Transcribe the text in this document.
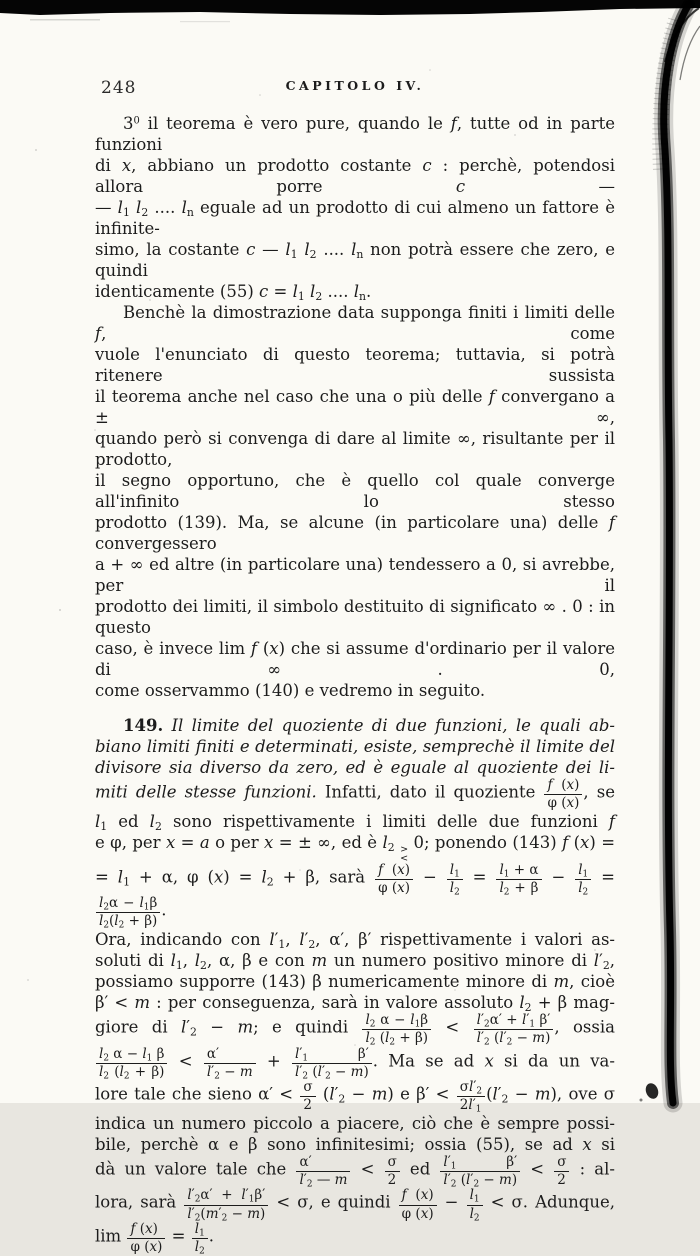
248	CAPITOLO IV.
$3^0$ il teorema è vero pure, quando le f, tutte od in parte funzioni
di x, abbiano un prodotto costante c : perchè, potendosi allora porre c —
— $l_1$ $l_2$ .... $l_n$ eguale ad un prodotto di cui almeno un fattore è infinite-
simo, la costante c — $l_1$ $l_2$ .... $l_n$ non potrà essere che zero, e quindi
identicamente (55) $c = l_1$ $l_2$ .... $l_n$.
Benchè la dimostrazione data supponga finiti i limiti delle f, come
vuole l'enunciato di questo teorema; tuttavia, si potrà ritenere sussista
il teorema anche nel caso che una o più delle f convergano a ± ∞,
quando però si convenga di dare al limite ∞, risultante per il prodotto,
il segno opportuno, che è quello col quale converge all'infinito lo stesso
prodotto (139). Ma, se alcune (in particolare una) delle f convergessero
a + ∞ ed altre (in particolare una) tendessero a 0, si avrebbe, per il
prodotto dei limiti, il simbolo destituito di significato ∞ . 0 : in questo
caso, è invece lim f (x) che si assume d'ordinario per il valore di ∞ . 0,
come osservammo (140) e vedremo in seguito.
149. Il limite del quoziente di due funzioni, le quali ab-
biano limiti finiti e determinati, esiste, semprechè il limite del
divisore sia diverso da zero, ed è eguale al quoziente dei li-
miti delle stesse funzioni. Infatti, dato il quoziente $\frac{f (x)}{\varphi (x)}$ , se
$l_1$ ed $l_2$ sono rispettivamente i limiti delle due funzioni f
e φ, per x = a o per x = ± ∞, ed è $l_2$ >
<
0; ponendo (143) f (x) =
= $l_1 + \alpha$, φ $(x) = l_2 + \beta$, sarà $\frac{f (x)}{\varphi (x)} - \frac{l_1}{l_2} = \frac{l_1 + \alpha}{l_2 + \beta} - \frac{l_1}{l_2}$ =
$\frac{l_2\alpha - l_1\beta}{l_2(l_2 + \beta)}$ .
Ora, indicando con $l'_1$, $l'_2$, α′, β′ rispettivamente i valori as-
soluti di $l_1$, $l_2$, α, β e con m un numero positivo minore di $l'_2$,
possiamo supporre (143) β numericamente minore di m, cioè
β′ < m : per conseguenza, sarà in valore assoluto $l_2 + \beta$ mag-
giore di $l'_2 - m$; e quindi $\frac{l_2 \alpha - l_1\beta}{l_2 (l_2 + \beta)} < \frac{l'_2\alpha' + l'_1 \beta'}{l'_2 (l'_2 - m)}$ , ossia
$\frac{l_2 \alpha - l_1 \beta}{l_2 (l_2 + \beta)} < \frac{\alpha'}{l'_2 - m} + \frac{l'_1 \beta'}{l'_2 (l'_2 - m)}$ . Ma se ad x si da un va-
lore tale che sieno $\alpha' < \frac{\sigma}{2} (l'_2 - m)$ e $\beta' < \frac{\sigma l'_2}{2l'_1} (l'_2 - m)$, ove σ
indica un numero piccolo a piacere, ciò che è sempre possi-
bile, perchè α e β sono infinitesimi; ossia (55), se ad x si
dà un valore tale che $\frac{\alpha'}{l'_2 — m} < \frac{\sigma}{2}$ ed $\frac{l'_1 \beta'}{l'_2 (l'_2 - m)} < \frac{\sigma}{2}$ : al-
lora, sarà $\frac{l'_2\alpha' + l'_1\beta'}{l'_2(m'_2 - m)} < \sigma$, e quindi $\frac{f (x)}{\varphi (x)} - \frac{l_1}{l_2} < \sigma$. Adunque,
$\lim \frac{f (x)}{\varphi (x)} = \frac{l_1}{l_2}$ .
